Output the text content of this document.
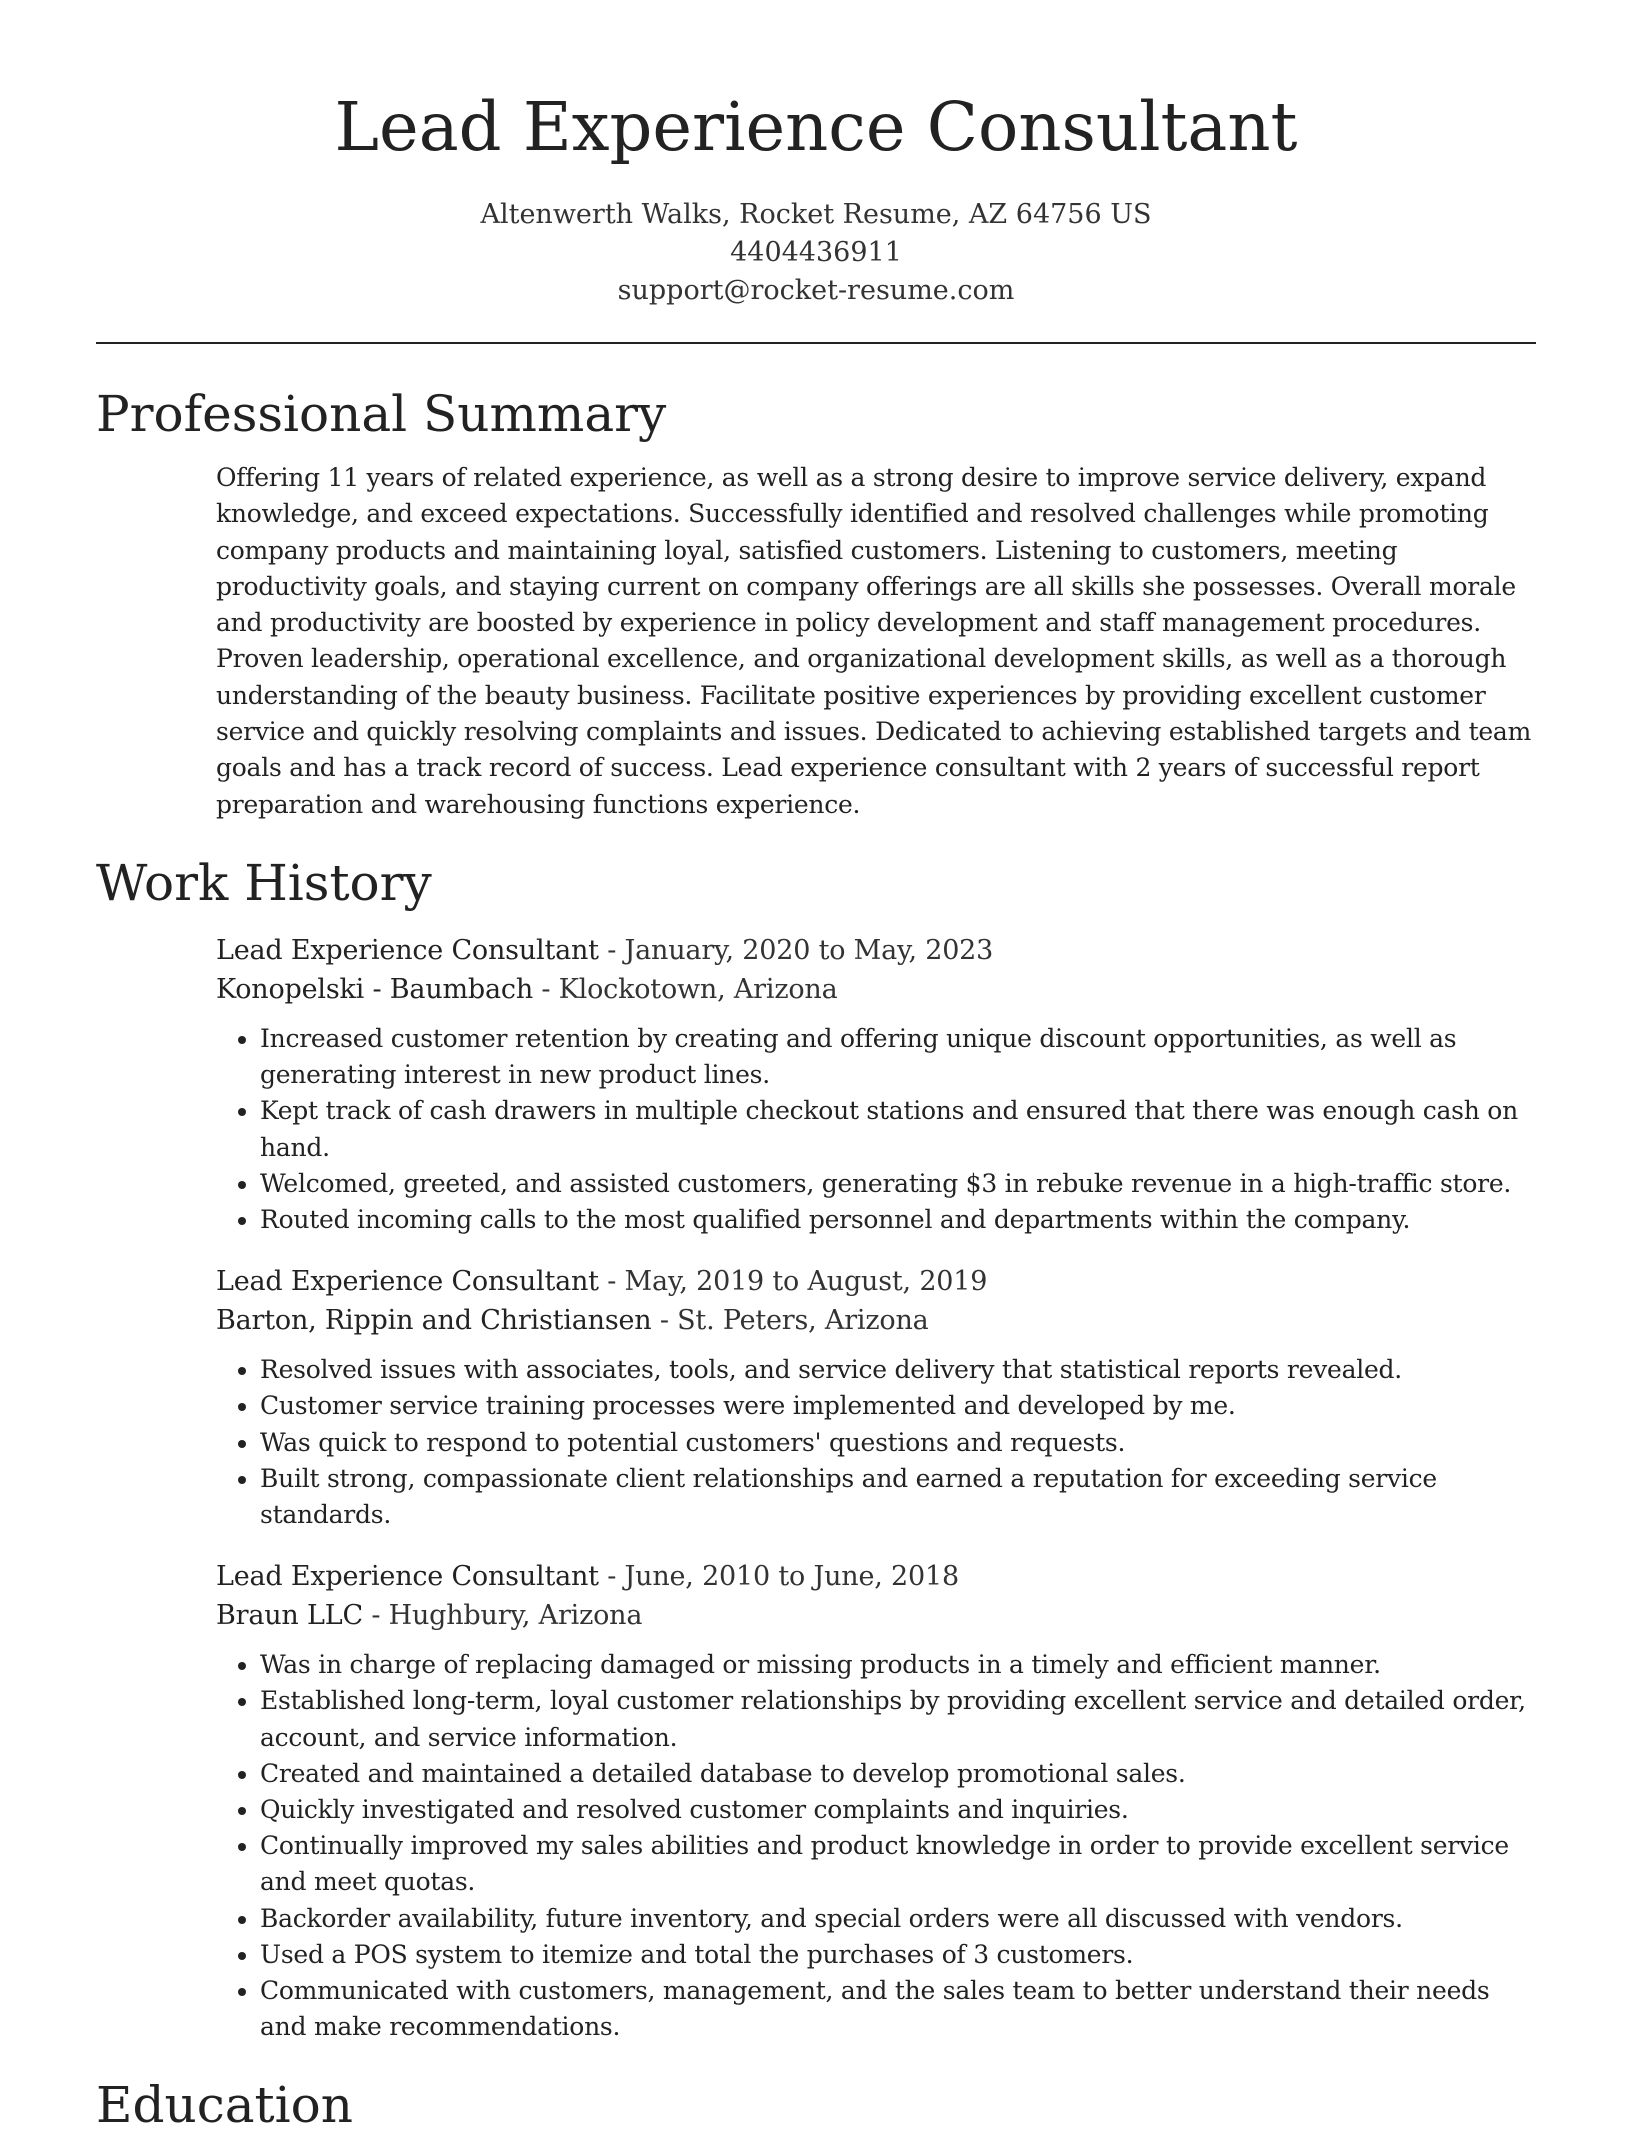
Lead Experience Consultant
Altenwerth Walks, Rocket Resume, AZ 64756 US
4404436911
support@rocket-resume.com
Professional Summary

Offering 11 years of related experience, as well as a strong desire to improve service delivery, expand knowledge, and exceed expectations. Successfully identified and resolved challenges while promoting company products and maintaining loyal, satisfied customers. Listening to customers, meeting productivity goals, and staying current on company offerings are all skills she possesses. Overall morale and productivity are boosted by experience in policy development and staff management procedures. Proven leadership, operational excellence, and organizational development skills, as well as a thorough understanding of the beauty business. Facilitate positive experiences by providing excellent customer service and quickly resolving complaints and issues. Dedicated to achieving established targets and team goals and has a track record of success. Lead experience consultant with 2 years of successful report preparation and warehousing functions experience.

Work History
Lead Experience Consultant - January, 2020 to May, 2023
Konopelski - Baumbach - Klockotown, Arizona
• Increased customer retention by creating and offering unique discount opportunities, as well as generating interest in new product lines.
• Kept track of cash drawers in multiple checkout stations and ensured that there was enough cash on hand.
• Welcomed, greeted, and assisted customers, generating $3 in rebuke revenue in a high-traffic store.
• Routed incoming calls to the most qualified personnel and departments within the company.
Lead Experience Consultant - May, 2019 to August, 2019
Barton, Rippin and Christiansen - St. Peters, Arizona
• Resolved issues with associates, tools, and service delivery that statistical reports revealed.
• Customer service training processes were implemented and developed by me.
• Was quick to respond to potential customers' questions and requests.
• Built strong, compassionate client relationships and earned a reputation for exceeding service standards.
Lead Experience Consultant - June, 2010 to June, 2018
Braun LLC - Hughbury, Arizona
• Was in charge of replacing damaged or missing products in a timely and efficient manner.
• Established long-term, loyal customer relationships by providing excellent service and detailed order, account, and service information.
• Created and maintained a detailed database to develop promotional sales.
• Quickly investigated and resolved customer complaints and inquiries.
• Continually improved my sales abilities and product knowledge in order to provide excellent service and meet quotas.
• Backorder availability, future inventory, and special orders were all discussed with vendors.
• Used a POS system to itemize and total the purchases of 3 customers.
• Communicated with customers, management, and the sales team to better understand their needs and make recommendations.
Education
